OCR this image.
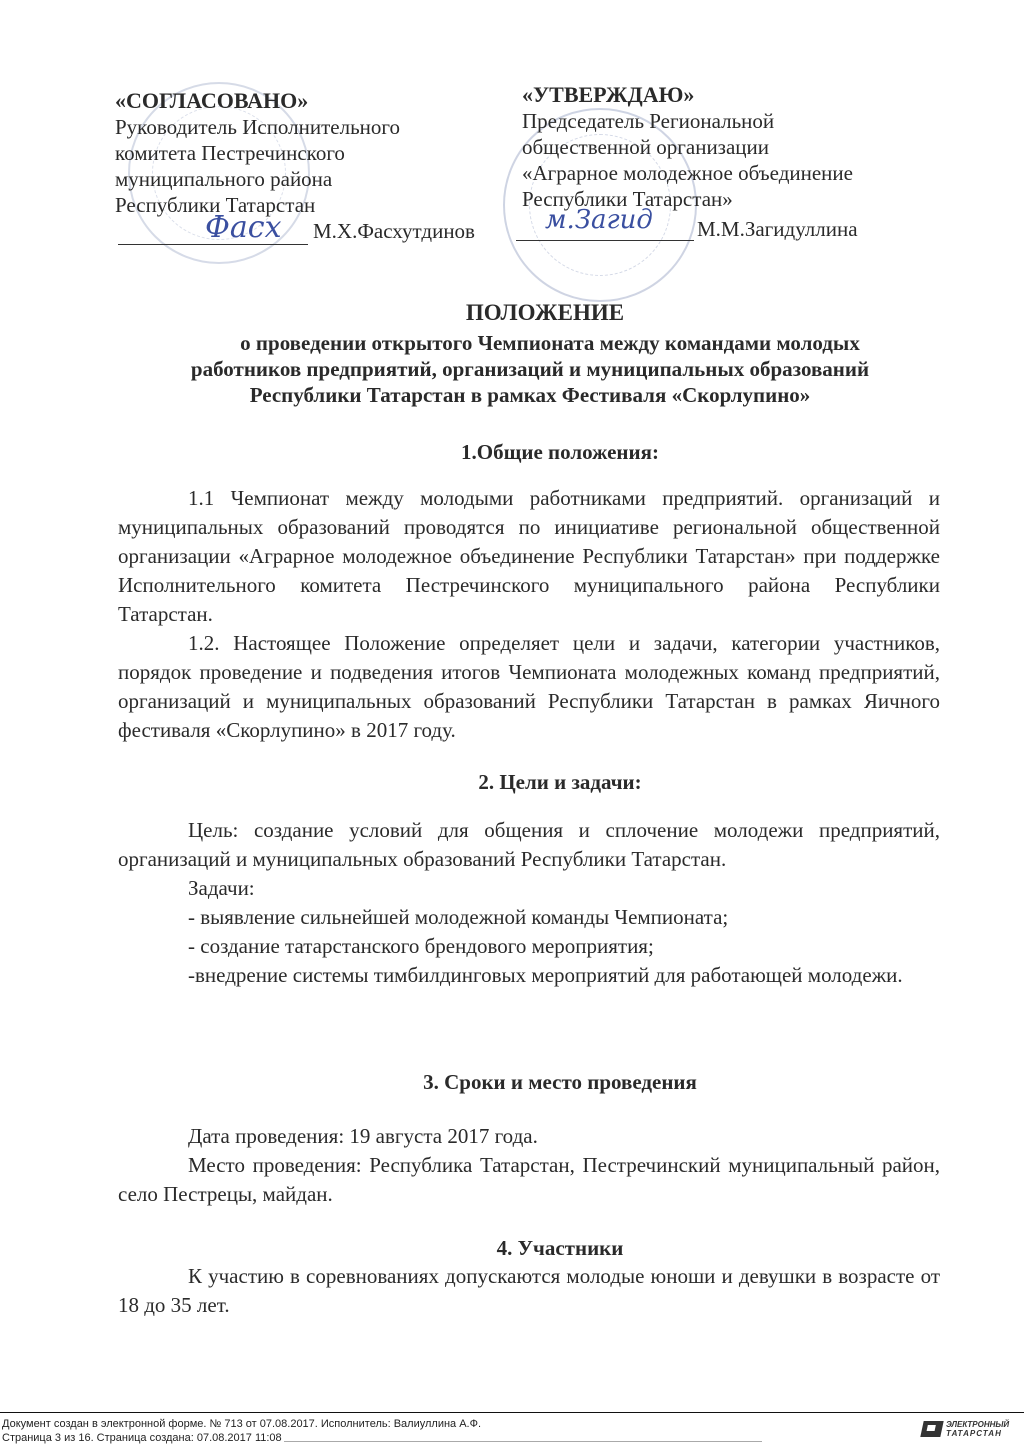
«СОГЛАСОВАНО»
Руководитель Исполнительного
комитета Пестречинского
муниципального района
Республики Татарстан
Фасх М.Х.Фасхутдинов
«УТВЕРЖДАЮ»
Председатель Региональной
общественной организации
«Аграрное молодежное объединение
Республики Татарстан»
м.Загид М.М.Загидуллина
ПОЛОЖЕНИЕ
о проведении открытого Чемпионата между командами молодых
работников предприятий, организаций и муниципальных образований
Республики Татарстан в рамках Фестиваля «Скорлупино»
1.Общие положения:
1.1 Чемпионат между молодыми работниками предприятий. организаций и муниципальных образований проводятся по инициативе региональной общественной организации «Аграрное молодежное объединение Республики Татарстан» при поддержке Исполнительного комитета Пестречинского муниципального района Республики Татарстан.
1.2. Настоящее Положение определяет цели и задачи, категории участников, порядок проведение и подведения итогов Чемпионата молодежных команд предприятий, организаций и муниципальных образований Республики Татарстан в рамках Яичного фестиваля «Скорлупино» в 2017 году.
2. Цели и задачи:
Цель: создание условий для общения и сплочение молодежи предприятий, организаций и муниципальных образований Республики Татарстан.
Задачи:
- выявление сильнейшей молодежной команды Чемпионата;
- создание татарстанского брендового мероприятия;
-внедрение системы тимбилдинговых мероприятий для работающей молодежи.
3. Сроки и место проведения
Дата проведения: 19 августа 2017 года.
Место проведения: Республика Татарстан, Пестречинский муниципальный район, село Пестрецы, майдан.
4. Участники
К участию в соревнованиях допускаются молодые юноши и девушки в возрасте от 18 до 35 лет.
Документ создан в электронной форме. № 713 от 07.08.2017. Исполнитель: Валиуллина А.Ф.
Страница 3 из 16. Страница создана: 07.08.2017 11:08
ЭЛЕКТРОННЫЙ
ТАТАРСТАН
